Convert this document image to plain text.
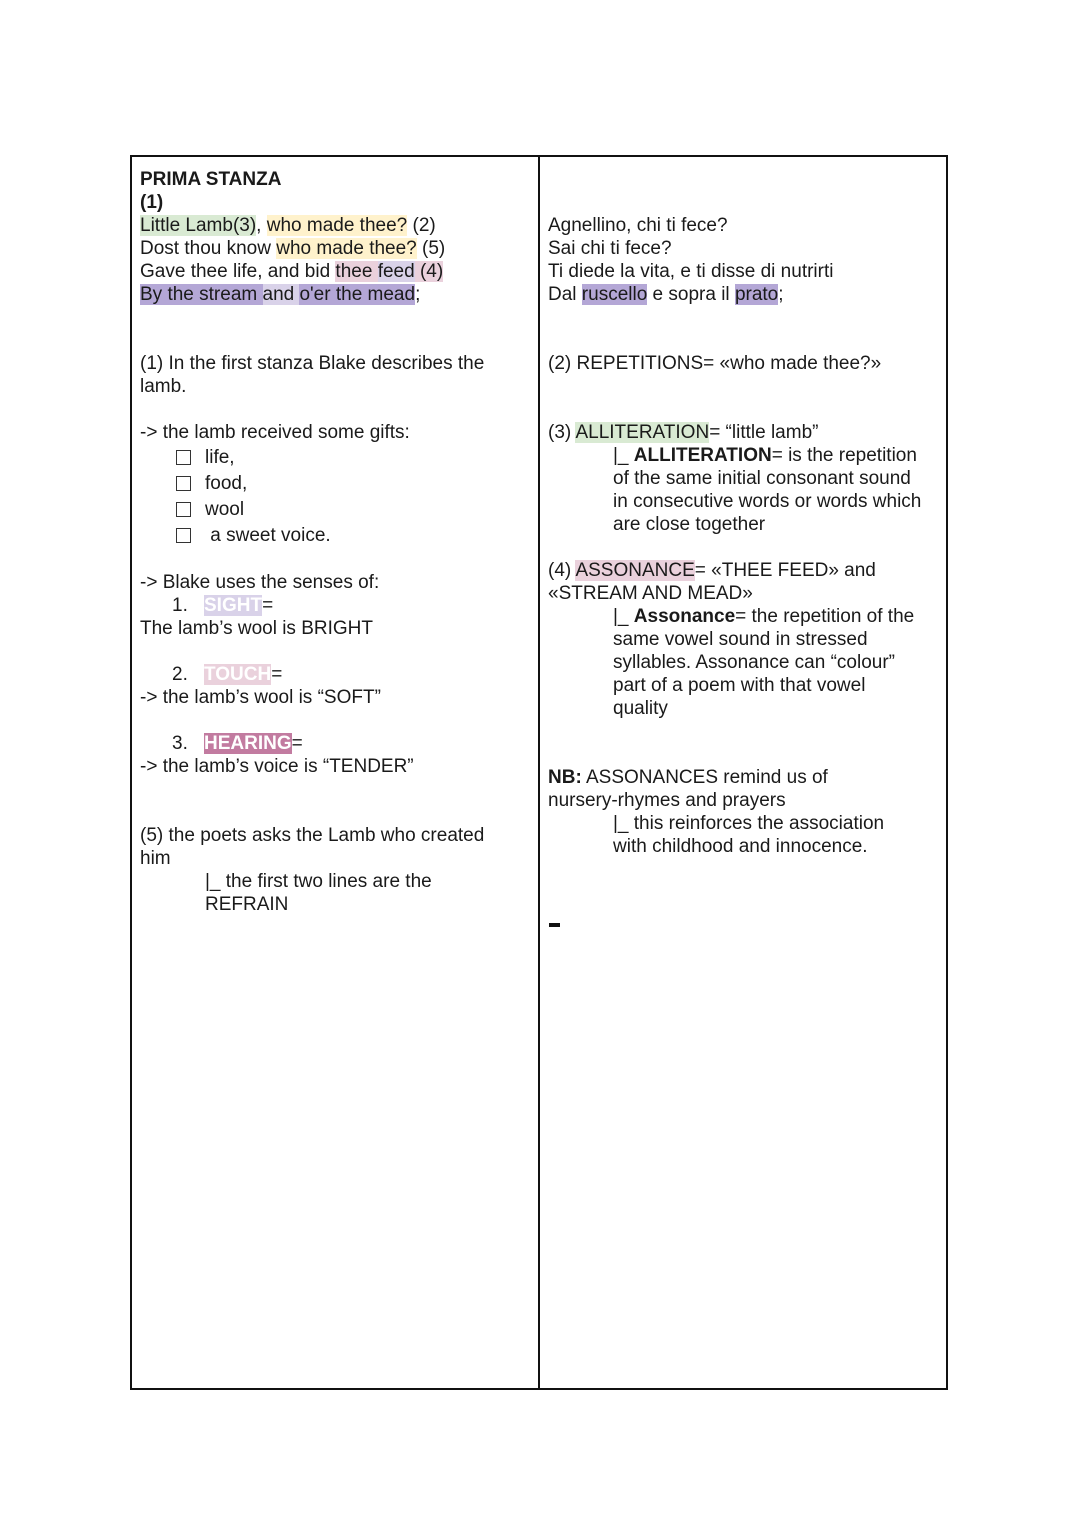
PRIMA STANZA
(1)
Little Lamb(3), who made thee? (2)
Dost thou know who made thee? (5)
Gave thee life, and bid thee feed (4)
By the stream and o'er the mead;
(1) In the first stanza Blake describes the
lamb.
-> the lamb received some gifts:
life,
food,
wool
a sweet voice.
-> Blake uses the senses of:
1. SIGHT=
The lamb’s wool is BRIGHT
2. TOUCH=
-> the lamb’s wool is “SOFT”
3. HEARING=
-> the lamb’s voice is “TENDER”
(5) the poets asks the Lamb who created
him
|_ the first two lines are the
REFRAIN
Agnellino, chi ti fece?
Sai chi ti fece?
Ti diede la vita, e ti disse di nutrirti
Dal ruscello e sopra il prato;
(2) REPETITIONS= «who made thee?»
(3) ALLITERATION= “little lamb”
|_ ALLITERATION= is the repetition
of the same initial consonant sound
in consecutive words or words which
are close together
(4) ASSONANCE= «THEE FEED» and
«STREAM AND MEAD»
|_ Assonance= the repetition of the
same vowel sound in stressed
syllables. Assonance can “colour”
part of a poem with that vowel
quality
NB: ASSONANCES remind us of
nursery-rhymes and prayers
|_ this reinforces the association
with childhood and innocence.
